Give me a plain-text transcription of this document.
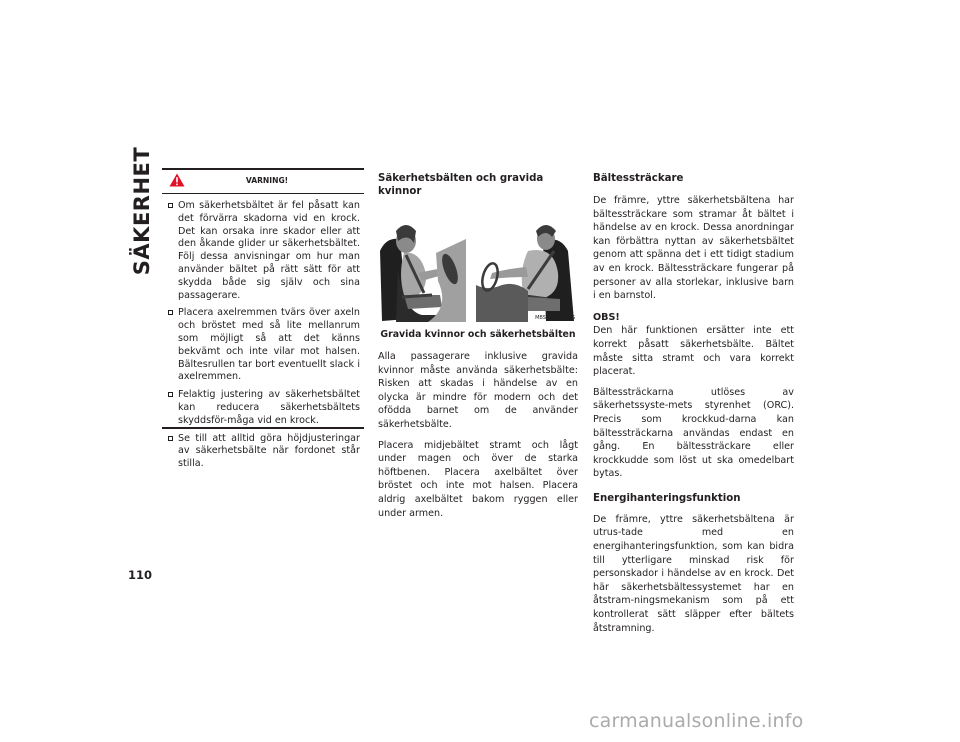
SÄKERHET
110
VARNING!
Om säkerhetsbältet är fel påsatt kan det förvärra skadorna vid en krock. Det kan orsaka inre skador eller att den åkande glider ur säkerhetsbältet. Följ dessa anvisningar om hur man använder bältet på rätt sätt för att skydda både sig själv och sina passagerare.
Placera axelremmen tvärs över axeln och bröstet med så lite mellanrum som möjligt så att det känns bekvämt och inte vilar mot halsen. Bältesrullen tar bort eventuellt slack i axelremmen.
Felaktig justering av säkerhetsbältet kan reducera säkerhetsbältets skyddsför-måga vid en krock.
Se till att alltid göra höjdjusteringar av säkerhetsbälte när fordonet står stilla.
Säkerhetsbälten och gravida kvinnor
MBS0000007US
Gravida kvinnor och säkerhetsbälten

Alla passagerare inklusive gravida kvinnor måste använda säkerhetsbälte: Risken att skadas i händelse av en olycka är mindre för modern och det ofödda barnet om de använder säkerhetsbälte.

Placera midjebältet stramt och lågt under magen och över de starka höftbenen. Placera axelbältet över bröstet och inte mot halsen. Placera aldrig axelbältet bakom ryggen eller under armen.

Bältessträckare

De främre, yttre säkerhetsbältena har bältessträckare som stramar åt bältet i händelse av en krock. Dessa anordningar kan förbättra nyttan av säkerhetsbältet genom att spänna det i ett tidigt stadium av en krock. Bältessträckare fungerar på personer av alla storlekar, inklusive barn i en barnstol.

OBS!

Den här funktionen ersätter inte ett korrekt påsatt säkerhetsbälte. Bältet måste sitta stramt och vara korrekt placerat.

Bältessträckarna utlöses av säkerhetssyste-mets styrenhet (ORC). Precis som krockkud-darna kan bältessträckarna användas endast en gång. En bältessträckare eller krockkudde som löst ut ska omedelbart bytas.

Energihanteringsfunktion

De främre, yttre säkerhetsbältena är utrus-tade med en energihanteringsfunktion, som kan bidra till ytterligare minskad risk för personskador i händelse av en krock. Det här säkerhetsbältessystemet har en åtstram-ningsmekanism som på ett kontrollerat sätt släpper efter bältets åtstramning.

carmanualsonline.info
